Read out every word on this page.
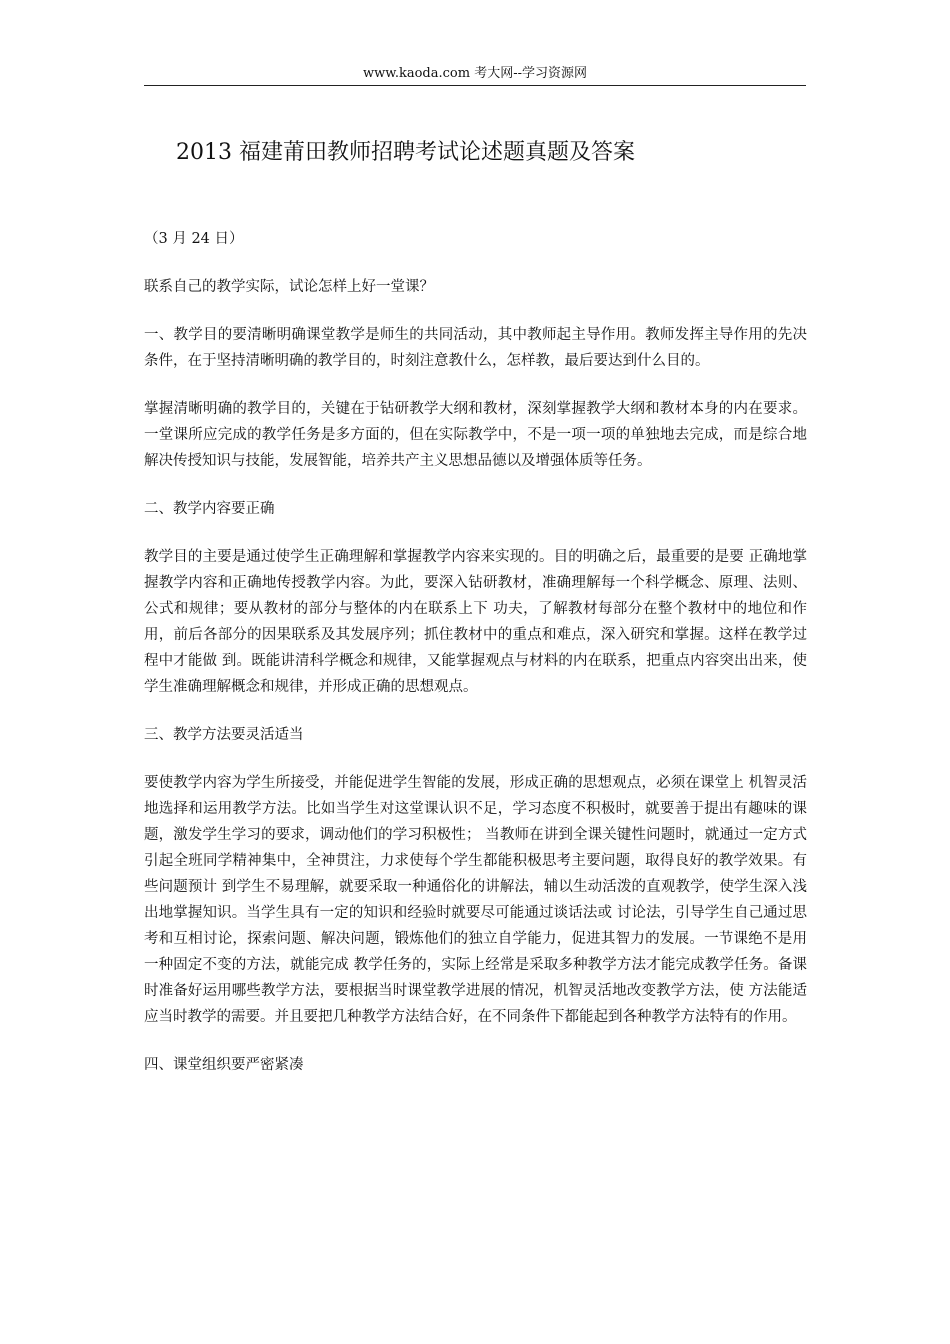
www.kaoda.com 考大网--学习资源网
2013 福建莆田教师招聘考试论述题真题及答案

（3 月 24 日）

联系自己的教学实际，试论怎样上好一堂课？

一、教学目的要清晰明确课堂教学是师生的共同活动，其中教师起主导作用。教师发挥主导作用的先决条件，在于坚持清晰明确的教学目的，时刻注意教什么，怎样教，最后要达到什么目的。

掌握清晰明确的教学目的，关键在于钻研教学大纲和教材，深刻掌握教学大纲和教材本身的内在要求。一堂课所应完成的教学任务是多方面的，但在实际教学中，不是一项一项的单独地去完成，而是综合地解决传授知识与技能，发展智能，培养共产主义思想品德以及增强体质等任务。

二、教学内容要正确

教学目的主要是通过使学生正确理解和掌握教学内容来实现的。目的明确之后，最重要的是要 正确地掌握教学内容和正确地传授教学内容。为此，要深入钻研教材，准确理解每一个科学概念、原理、法则、公式和规律；要从教材的部分与整体的内在联系上下 功夫，了解教材每部分在整个教材中的地位和作用，前后各部分的因果联系及其发展序列；抓住教材中的重点和难点，深入研究和掌握。这样在教学过程中才能做 到。既能讲清科学概念和规律，又能掌握观点与材料的内在联系，把重点内容突出出来，使学生准确理解概念和规律，并形成正确的思想观点。

三、教学方法要灵活适当

要使教学内容为学生所接受，并能促进学生智能的发展，形成正确的思想观点，必须在课堂上 机智灵活地选择和运用教学方法。比如当学生对这堂课认识不足，学习态度不积极时，就要善于提出有趣味的课题，激发学生学习的要求，调动他们的学习积极性； 当教师在讲到全课关键性问题时，就通过一定方式引起全班同学精神集中，全神贯注，力求使每个学生都能积极思考主要问题，取得良好的教学效果。有些问题预计 到学生不易理解，就要采取一种通俗化的讲解法，辅以生动活泼的直观教学，使学生深入浅出地掌握知识。当学生具有一定的知识和经验时就要尽可能通过谈话法或 讨论法，引导学生自己通过思考和互相讨论，探索问题、解决问题，锻炼他们的独立自学能力，促进其智力的发展。一节课绝不是用一种固定不变的方法，就能完成 教学任务的，实际上经常是采取多种教学方法才能完成教学任务。备课时准备好运用哪些教学方法，要根据当时课堂教学进展的情况，机智灵活地改变教学方法，使 方法能适应当时教学的需要。并且要把几种教学方法结合好，在不同条件下都能起到各种教学方法特有的作用。

四、课堂组织要严密紧凑
